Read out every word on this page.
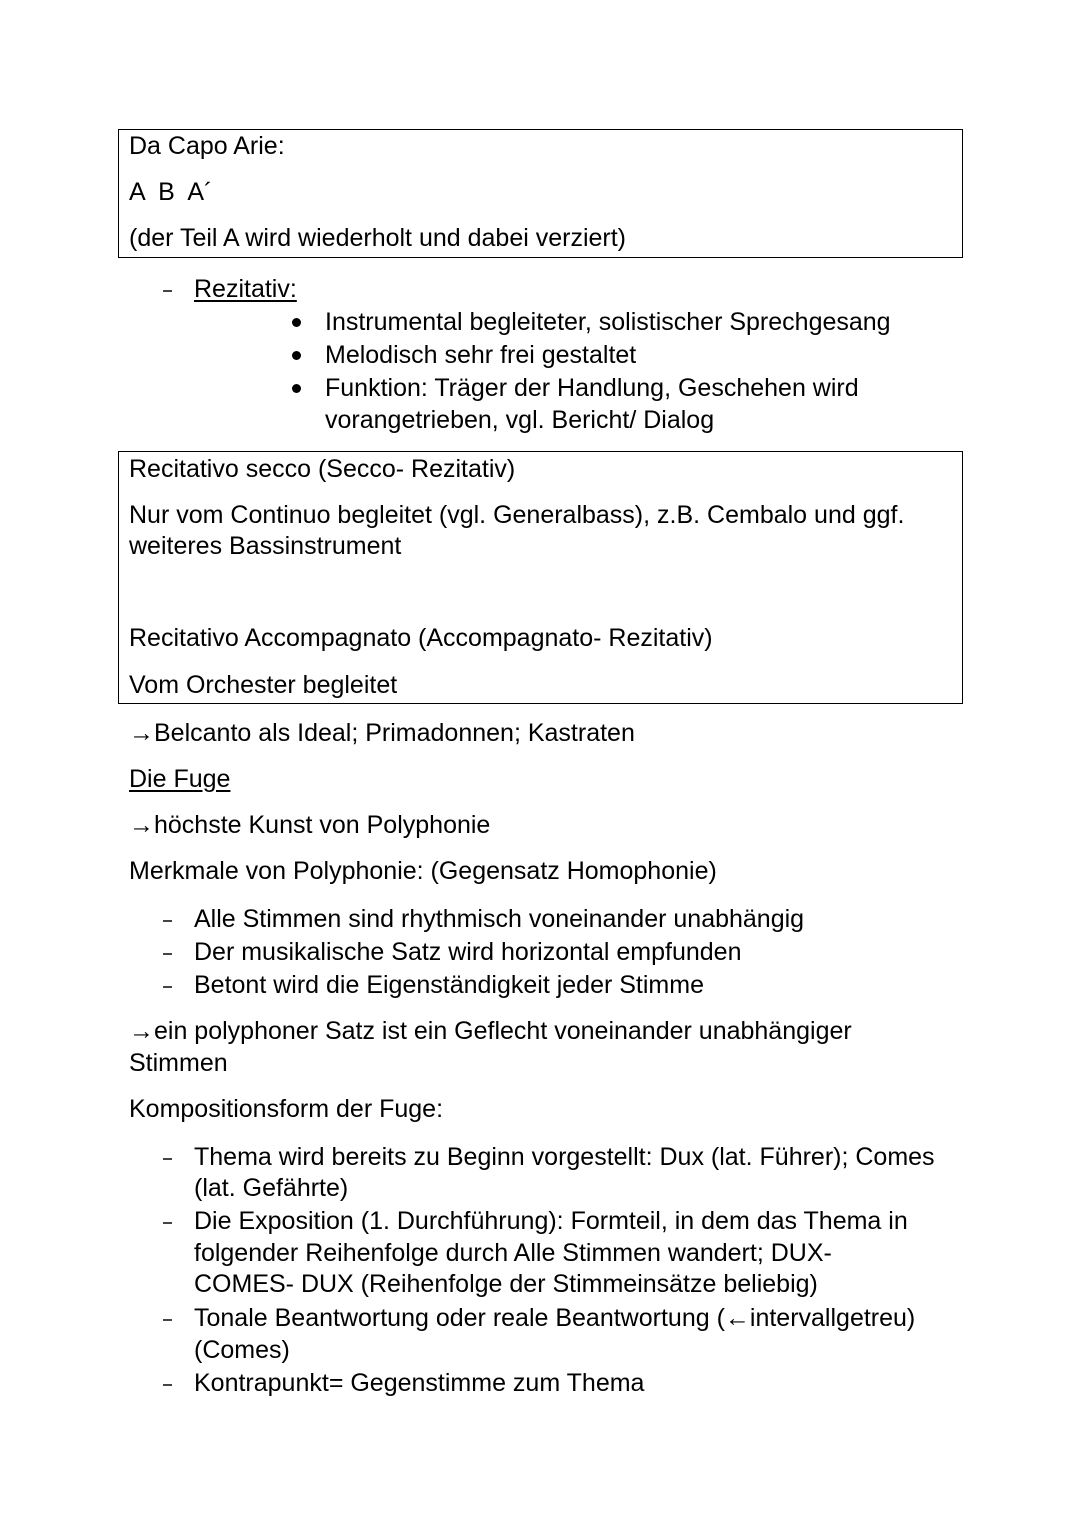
Da Capo Arie:
A  B  A´
(der Teil A wird wiederholt und dabei verziert)
Rezitativ:
Instrumental begleiteter, solistischer Sprechgesang
Melodisch sehr frei gestaltet
Funktion: Träger der Handlung, Geschehen wird
vorangetrieben, vgl. Bericht/ Dialog
Recitativo secco (Secco- Rezitativ)
Nur vom Continuo begleitet (vgl. Generalbass), z.B. Cembalo und ggf.
weiteres Bassinstrument
Recitativo Accompagnato (Accompagnato- Rezitativ)
Vom Orchester begleitet
→Belcanto als Ideal; Primadonnen; Kastraten
Die Fuge
→höchste Kunst von Polyphonie
Merkmale von Polyphonie: (Gegensatz Homophonie)
Alle Stimmen sind rhythmisch voneinander unabhängig
Der musikalische Satz wird horizontal empfunden
Betont wird die Eigenständigkeit jeder Stimme
→ein polyphoner Satz ist ein Geflecht voneinander unabhängiger
Stimmen
Kompositionsform der Fuge:
Thema wird bereits zu Beginn vorgestellt: Dux (lat. Führer); Comes
(lat. Gefährte)
Die Exposition (1. Durchführung): Formteil, in dem das Thema in
folgender Reihenfolge durch Alle Stimmen wandert; DUX-
COMES- DUX (Reihenfolge der Stimmeinsätze beliebig)
Tonale Beantwortung oder reale Beantwortung (←intervallgetreu)
(Comes)
Kontrapunkt= Gegenstimme zum Thema
